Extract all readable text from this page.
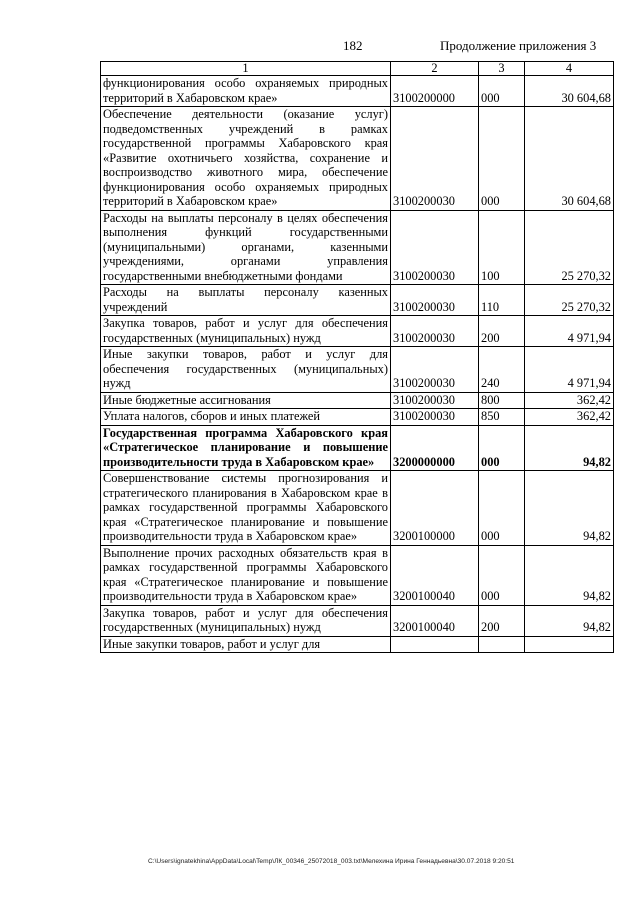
182	Продолжение приложения 3
1	2	3	4
функционирования особо охраняемых природных территорий в Хабаровском крае»	3100200000	000	30 604,68
Обеспечение деятельности (оказание услуг) подведомственных учреждений в рамках государственной программы Хабаровского края «Развитие охотничьего хозяйства, сохранение и воспроизводство животного мира, обеспечение функционирования особо охраняемых природных территорий в Хабаровском крае»	3100200030	000	30 604,68
Расходы на выплаты персоналу в целях обеспечения выполнения функций государственными (муниципальными) органами, казенными учреждениями, органами управления государственными внебюджетными фондами	3100200030	100	25 270,32
Расходы на выплаты персоналу казенных учреждений	3100200030	110	25 270,32
Закупка товаров, работ и услуг для обеспечения государственных (муниципальных) нужд	3100200030	200	4 971,94
Иные закупки товаров, работ и услуг для обеспечения государственных (муниципальных) нужд	3100200030	240	4 971,94
Иные бюджетные ассигнования	3100200030	800	362,42
Уплата налогов, сборов и иных платежей	3100200030	850	362,42
Государственная программа Хабаровского края «Стратегическое планирование и повышение производительности труда в Хабаровском крае»	3200000000	000	94,82
Совершенствование системы прогнозирования и стратегического планирования в Хабаровском крае в рамках государственной программы Хабаровского края «Стратегическое планирование и повышение производительности труда в Хабаровском крае»	3200100000	000	94,82
Выполнение прочих расходных обязательств края в рамках государственной программы Хабаровского края «Стратегическое планирование и повышение производительности труда в Хабаровском крае»	3200100040	000	94,82
Закупка товаров, работ и услуг для обеспечения государственных (муниципальных) нужд	3200100040	200	94,82
Иные закупки товаров, работ и услуг для			
C:\Users\ignatekhina\AppData\Local\Temp\ЛК_00346_25072018_003.txt\Мелехина Ирина Геннадьевна\30.07.2018 9:20:51
